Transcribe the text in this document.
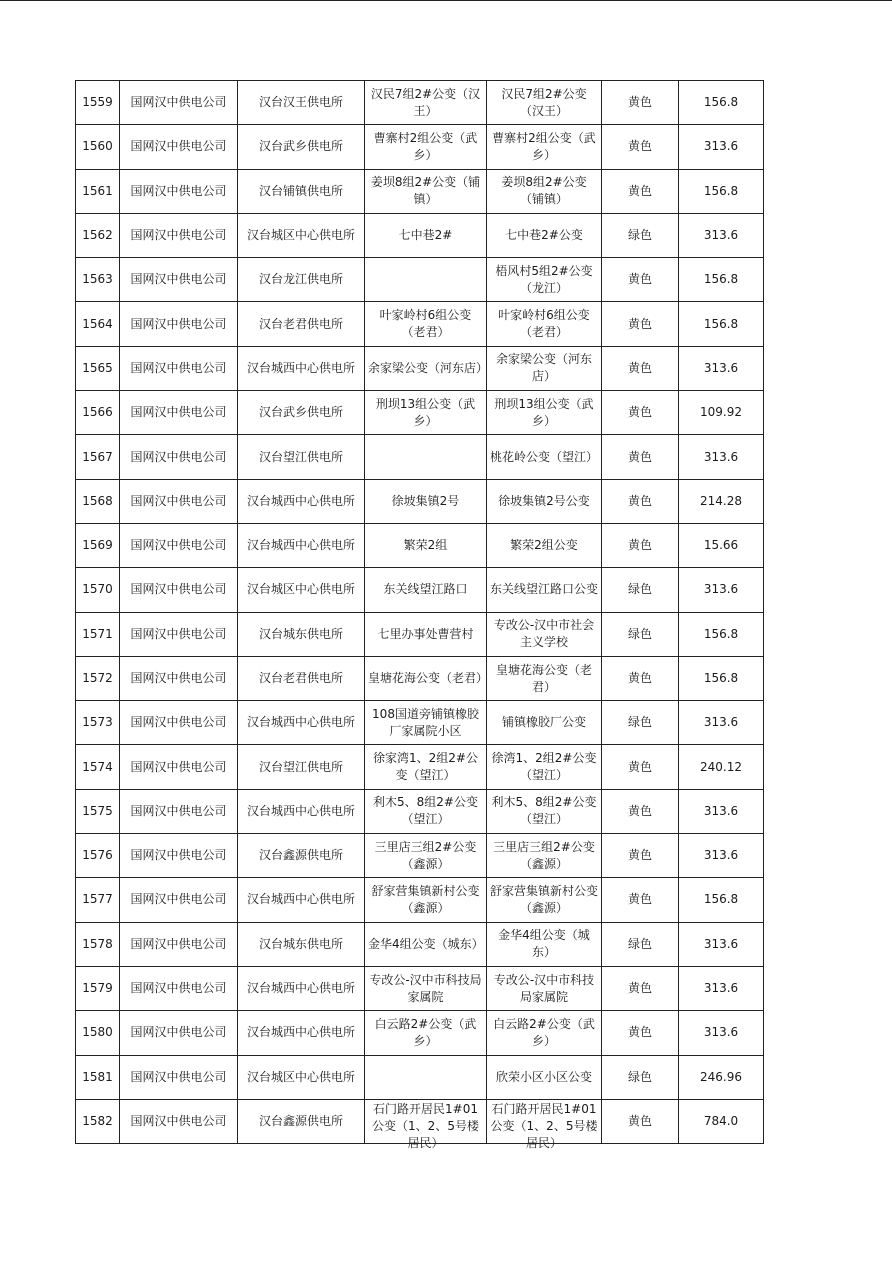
1559	国网汉中供电公司	汉台汉王供电所	汉民7组2#公变（汉王）	汉民7组2#公变（汉王）	黄色	156.8

1560	国网汉中供电公司	汉台武乡供电所	曹寨村2组公变（武乡）	曹寨村2组公变（武乡）	黄色	313.6

1561	国网汉中供电公司	汉台铺镇供电所	姜坝8组2#公变（铺镇）	姜坝8组2#公变（铺镇）	黄色	156.8

1562	国网汉中供电公司	汉台城区中心供电所	七中巷2#	七中巷2#公变	绿色	313.6

1563	国网汉中供电公司	汉台龙江供电所		梧风村5组2#公变（龙江）	黄色	156.8

1564	国网汉中供电公司	汉台老君供电所	叶家岭村6组公变（老君）	叶家岭村6组公变（老君）	黄色	156.8

1565	国网汉中供电公司	汉台城西中心供电所	余家梁公变（河东店）	余家梁公变（河东店）	黄色	313.6

1566	国网汉中供电公司	汉台武乡供电所	刑坝13组公变（武乡）	刑坝13组公变（武乡）	黄色	109.92

1567	国网汉中供电公司	汉台望江供电所		桃花岭公变（望江）	黄色	313.6

1568	国网汉中供电公司	汉台城西中心供电所	徐坡集镇2号	徐坡集镇2号公变	黄色	214.28

1569	国网汉中供电公司	汉台城西中心供电所	繁荣2组	繁荣2组公变	黄色	15.66

1570	国网汉中供电公司	汉台城区中心供电所	东关线望江路口	东关线望江路口公变	绿色	313.6

1571	国网汉中供电公司	汉台城东供电所	七里办事处曹营村	专改公-汉中市社会主义学校	绿色	156.8

1572	国网汉中供电公司	汉台老君供电所	皇塘花海公变（老君）	皇塘花海公变（老君）	黄色	156.8

1573	国网汉中供电公司	汉台城西中心供电所	108国道旁铺镇橡胶厂家属院小区	铺镇橡胶厂公变	绿色	313.6

1574	国网汉中供电公司	汉台望江供电所	徐家湾1、2组2#公变（望江）	徐湾1、2组2#公变（望江）	黄色	240.12

1575	国网汉中供电公司	汉台城西中心供电所	利木5、8组2#公变（望江）	利木5、8组2#公变（望江）	黄色	313.6

1576	国网汉中供电公司	汉台鑫源供电所	三里店三组2#公变（鑫源）	三里店三组2#公变（鑫源）	黄色	313.6

1577	国网汉中供电公司	汉台城西中心供电所	舒家营集镇新村公变（鑫源）	舒家营集镇新村公变（鑫源）	黄色	156.8

1578	国网汉中供电公司	汉台城东供电所	金华4组公变（城东）	金华4组公变（城东）	绿色	313.6

1579	国网汉中供电公司	汉台城西中心供电所	专改公-汉中市科技局家属院	专改公-汉中市科技局家属院	黄色	313.6

1580	国网汉中供电公司	汉台城西中心供电所	白云路2#公变（武乡）	白云路2#公变（武乡）	黄色	313.6

1581	国网汉中供电公司	汉台城区中心供电所		欣荣小区小区公变	绿色	246.96

1582	国网汉中供电公司	汉台鑫源供电所	石门路开居民1#01公变（1、2、5号楼居民）	石门路开居民1#01公变（1、2、5号楼居民）	黄色	784.0
